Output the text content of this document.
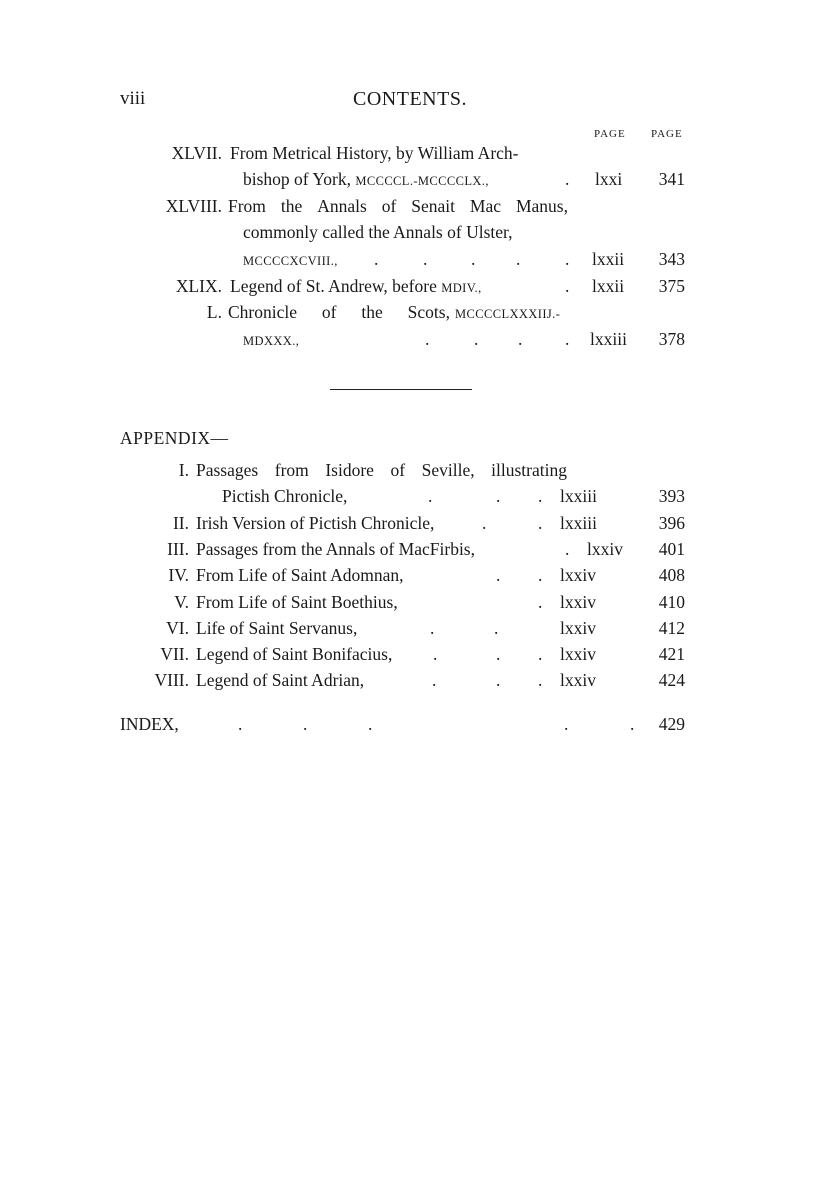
viii	CONTENTS.
PAGE PAGE
XLVII. From Metrical History, by William Arch-
bishop of York, MCCCCL.-MCCCCLX.,	. lxxi 341
XLVIII. From the Annals of Senait Mac Manus,
commonly called the Annals of Ulster,
MCCCCXCVIII., .	. . .	. lxxii 343
XLIX. Legend of St. Andrew, before MDIV.,	. lxxii 375
L. Chronicle of the Scots, MCCCCLXXXIIJ.-
MDXXX.,	.	. . . lxxiii 378
APPENDIX—
I. Passages from Isidore of Seville, illustrating
Pictish Chronicle,	.	. . lxxiii	393
II. Irish Version of Pictish Chronicle,	.	. lxxiii	396
III. Passages from the Annals of MacFirbis,	. lxxiv 401
IV. From Life of Saint Adomnan,	. . lxxiv	408
V. From Life of Saint Boethius,	. lxxiv	410
VI. Life of Saint Servanus,	.	.	lxxiv	412
VII. Legend of Saint Bonifacius, .	. . lxxiv	421
VIII. Legend of Saint Adrian,	.	. . lxxiv	424
INDEX,	.	.	.	.	. 429
